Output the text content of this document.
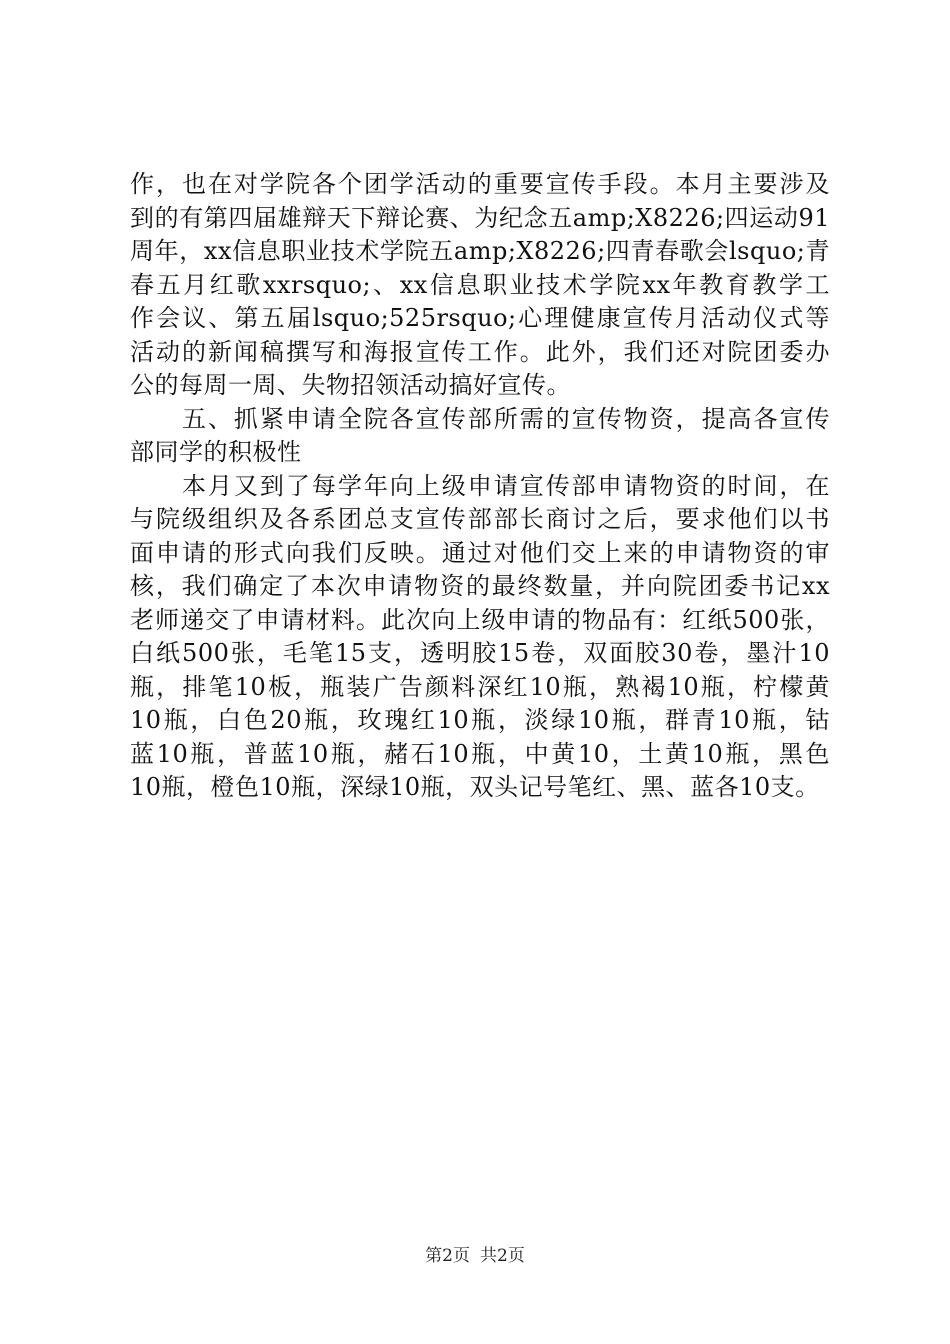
作，也在对学院各个团学活动的重要宣传手段。本月主要涉及
到的有第四届雄辩天下辩论赛、为纪念五amp;X8226;四运动91
周年，xx信息职业技术学院五amp;X8226;四青春歌会lsquo;青
春五月红歌xxrsquo;、xx信息职业技术学院xx年教育教学工
作会议、第五届lsquo;525rsquo;心理健康宣传月活动仪式等
活动的新闻稿撰写和海报宣传工作。此外，我们还对院团委办
公的每周一周、失物招领活动搞好宣传。
　　五、抓紧申请全院各宣传部所需的宣传物资，提高各宣传
部同学的积极性
　　本月又到了每学年向上级申请宣传部申请物资的时间，在
与院级组织及各系团总支宣传部部长商讨之后，要求他们以书
面申请的形式向我们反映。通过对他们交上来的申请物资的审
核，我们确定了本次申请物资的最终数量，并向院团委书记xx
老师递交了申请材料。此次向上级申请的物品有：红纸500张，
白纸500张，毛笔15支，透明胶15卷，双面胶30卷，墨汁10
瓶，排笔10板，瓶装广告颜料深红10瓶，熟褐10瓶，柠檬黄
10瓶，白色20瓶，玫瑰红10瓶，淡绿10瓶，群青10瓶，钴
蓝10瓶，普蓝10瓶，赭石10瓶，中黄10，土黄10瓶，黑色
10瓶，橙色10瓶，深绿10瓶，双头记号笔红、黑、蓝各10支。
第2页 共2页
